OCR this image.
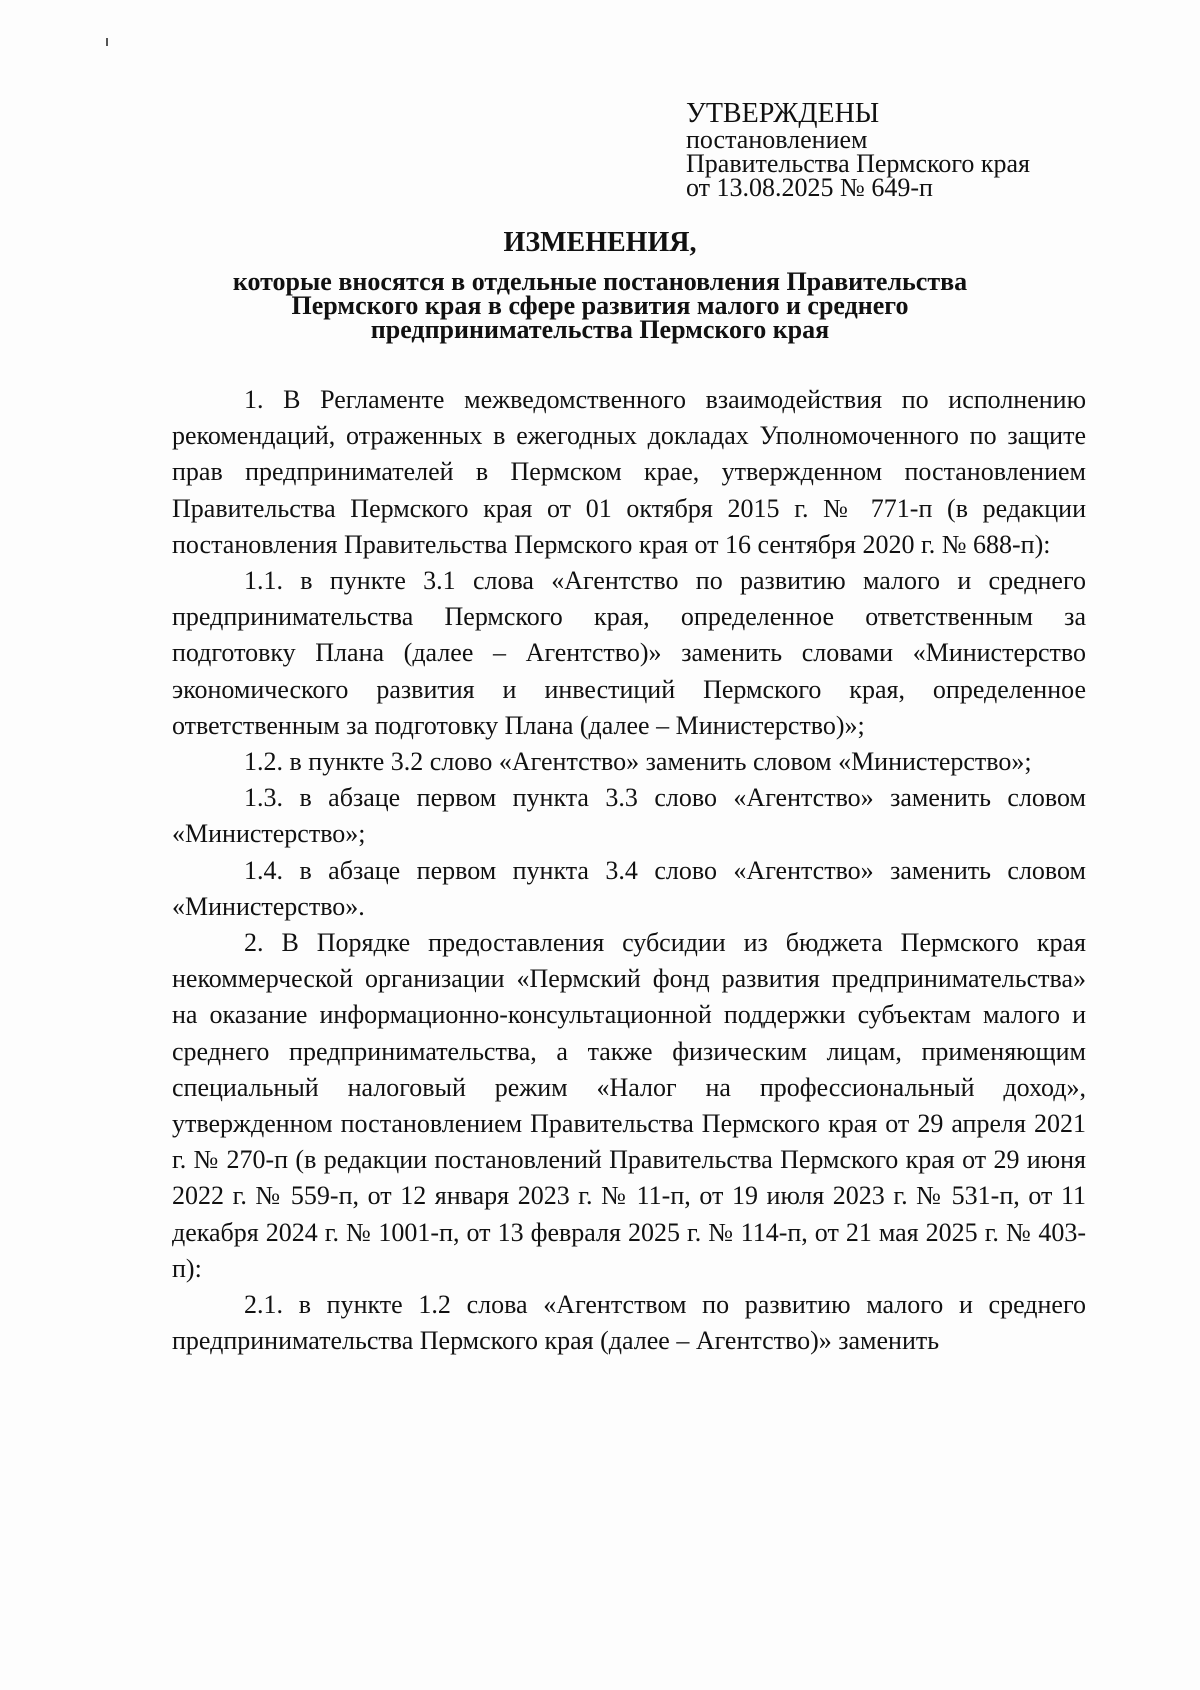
УТВЕРЖДЕНЫ
постановлением
Правительства Пермского края
от 13.08.2025 № 649-п
ИЗМЕНЕНИЯ,
которые вносятся в отдельные постановления Правительства Пермского края в сфере развития малого и среднего предпринимательства Пермского края

1. В Регламенте межведомственного взаимодействия по исполнению рекомендаций, отраженных в ежегодных докладах Уполномоченного по защите прав предпринимателей в Пермском крае, утвержденном постановлением Правительства Пермского края от 01 октября 2015 г. № 771-п (в редакции постановления Правительства Пермского края от 16 сентября 2020 г. № 688-п):

1.1. в пункте 3.1 слова «Агентство по развитию малого и среднего предпринимательства Пермского края, определенное ответственным за подготовку Плана (далее – Агентство)» заменить словами «Министерство экономического развития и инвестиций Пермского края, определенное ответственным за подготовку Плана (далее – Министерство)»;

1.2. в пункте 3.2 слово «Агентство» заменить словом «Министерство»;

1.3. в абзаце первом пункта 3.3 слово «Агентство» заменить словом «Министерство»;

1.4. в абзаце первом пункта 3.4 слово «Агентство» заменить словом «Министерство».

2. В Порядке предоставления субсидии из бюджета Пермского края некоммерческой организации «Пермский фонд развития предпринимательства» на оказание информационно-консультационной поддержки субъектам малого и среднего предпринимательства, а также физическим лицам, применяющим специальный налоговый режим «Налог на профессиональный доход», утвержденном постановлением Правительства Пермского края от 29 апреля 2021 г. № 270-п (в редакции постановлений Правительства Пермского края от 29 июня 2022 г. № 559-п, от 12 января 2023 г. № 11-п, от 19 июля 2023 г. № 531-п, от 11 декабря 2024 г. № 1001-п, от 13 февраля 2025 г. № 114-п, от 21 мая 2025 г. № 403-п):

2.1. в пункте 1.2 слова «Агентством по развитию малого и среднего предпринимательства Пермского края (далее – Агентство)» заменить
